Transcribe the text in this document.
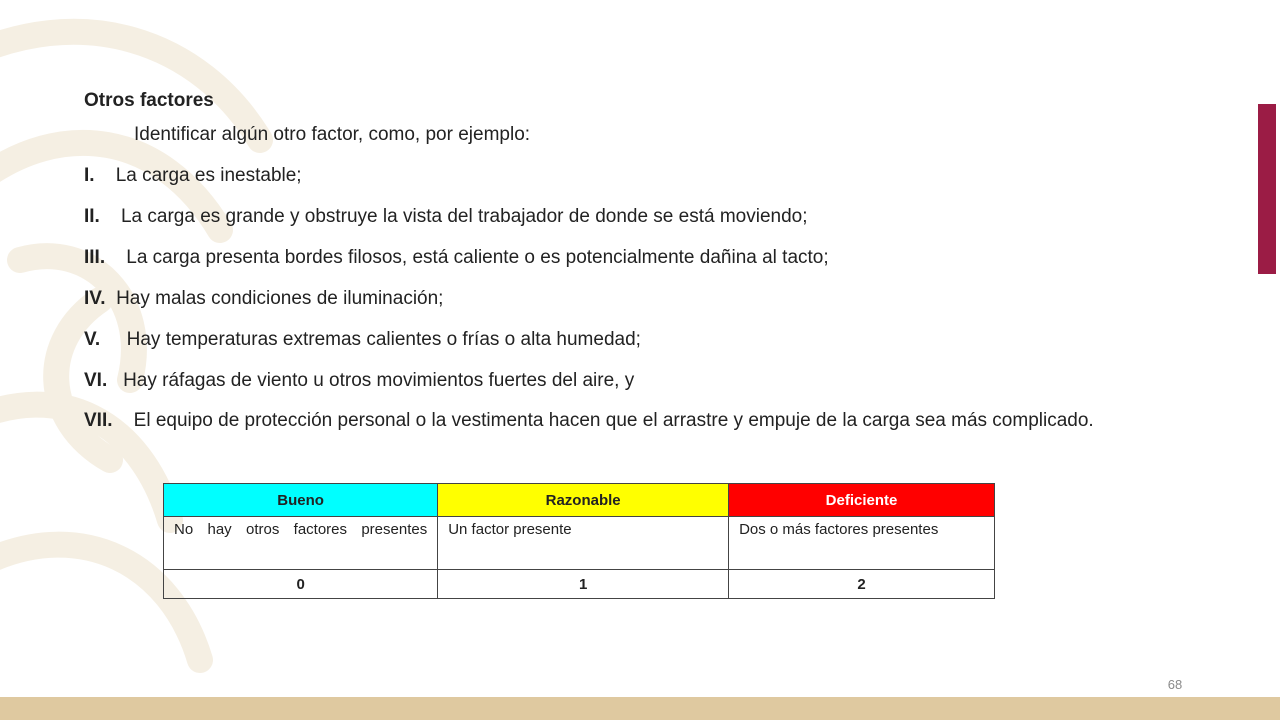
Otros factores
Identificar algún otro factor, como, por ejemplo:
I. La carga es inestable;
II. La carga es grande y obstruye la vista del trabajador de donde se está moviendo;
III. La carga presenta bordes filosos, está caliente o es potencialmente dañina al tacto;
IV. Hay malas condiciones de iluminación;
V. Hay temperaturas extremas calientes o frías o alta humedad;
VI. Hay ráfagas de viento u otros movimientos fuertes del aire, y
VII. El equipo de protección personal o la vestimenta hacen que el arrastre y empuje de la carga sea más complicado.
Bueno	Razonable	Deficiente

No hay otros factores presentes	Un factor presente	Dos o más factores presentes
0	1	2
68
